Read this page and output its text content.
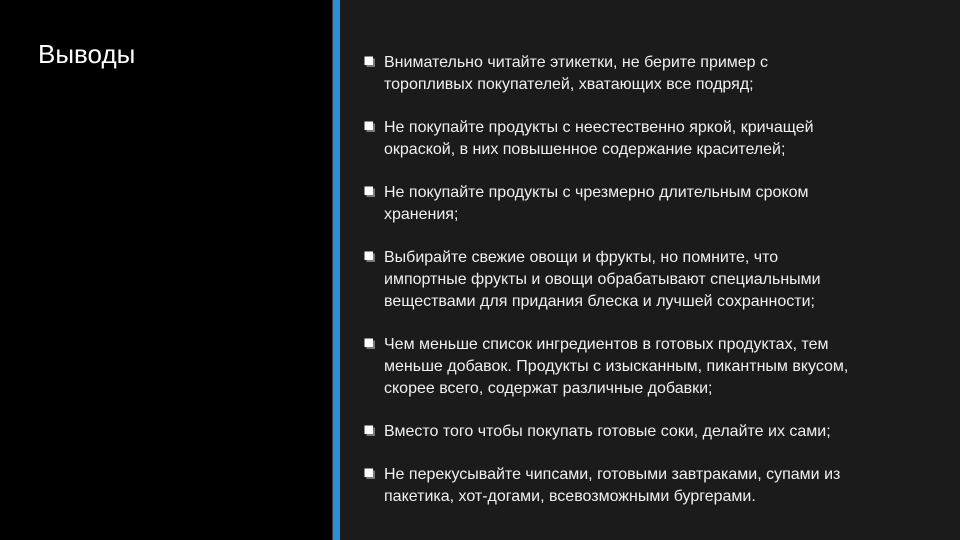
Выводы	Внимательно читайте этикетки, не берите пример с
торопливых покупателей, хватающих все подряд;
Не покупайте продукты с неестественно яркой, кричащей
окраской, в них повышенное содержание красителей;
Не покупайте продукты с чрезмерно длительным сроком
хранения;
Выбирайте свежие овощи и фрукты, но помните, что
импортные фрукты и овощи обрабатывают специальными
веществами для придания блеска и лучшей сохранности;
Чем меньше список ингредиентов в готовых продуктах, тем
меньше добавок. Продукты с изысканным, пикантным вкусом,
скорее всего, содержат различные добавки;
Вместо того чтобы покупать готовые соки, делайте их сами;
Не перекусывайте чипсами, готовыми завтраками, супами из
пакетика, хот-догами, всевозможными бургерами.
